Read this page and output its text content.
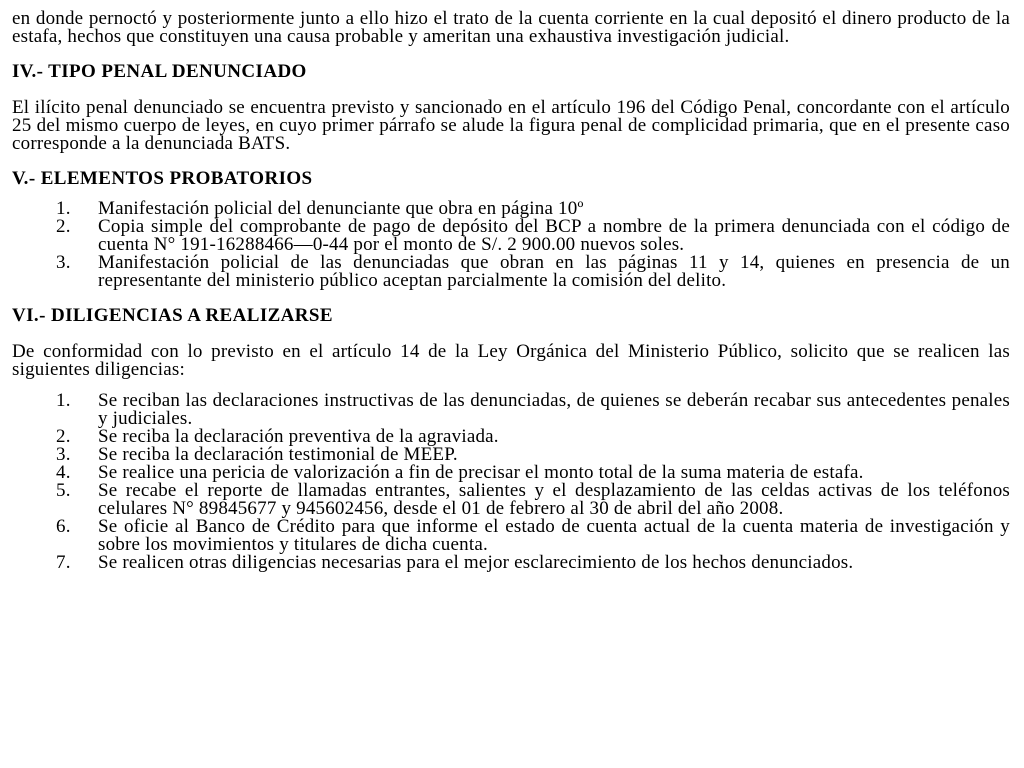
en donde pernoctó y posteriormente junto a ello hizo el trato de la cuenta corriente en la cual depositó el dinero producto de la estafa, hechos que constituyen una causa probable y ameritan una exhaustiva investigación judicial.

IV.- TIPO PENAL DENUNCIADO

El ilícito penal denunciado se encuentra previsto y sancionado en el artículo 196 del Código Penal, concordante con el artículo 25 del mismo cuerpo de leyes, en cuyo primer párrafo se alude la figura penal de complicidad primaria, que en el presente caso corresponde a la denunciada BATS.

V.- ELEMENTOS PROBATORIOS
1. Manifestación policial del denunciante que obra en página 10º
2. Copia simple del comprobante de pago de depósito del BCP a nombre de la primera denunciada con el código de cuenta N° 191-16288466—0-44 por el monto de S/. 2 900.00 nuevos soles.
3. Manifestación policial de las denunciadas que obran en las páginas 11 y 14, quienes en presencia de un representante del ministerio público aceptan parcialmente la comisión del delito.
VI.- DILIGENCIAS A REALIZARSE

De conformidad con lo previsto en el artículo 14 de la Ley Orgánica del Ministerio Público, solicito que se realicen las siguientes diligencias:

1. Se reciban las declaraciones instructivas de las denunciadas, de quienes se deberán recabar sus antecedentes penales y judiciales.
2. Se reciba la declaración preventiva de la agraviada.
3. Se reciba la declaración testimonial de MEEP.
4. Se realice una pericia de valorización a fin de precisar el monto total de la suma materia de estafa.
5. Se recabe el reporte de llamadas entrantes, salientes y el desplazamiento de las celdas activas de los teléfonos celulares N° 89845677 y 945602456, desde el 01 de febrero al 30 de abril del año 2008.
6. Se oficie al Banco de Crédito para que informe el estado de cuenta actual de la cuenta materia de investigación y sobre los movimientos y titulares de dicha cuenta.
7. Se realicen otras diligencias necesarias para el mejor esclarecimiento de los hechos denunciados.
